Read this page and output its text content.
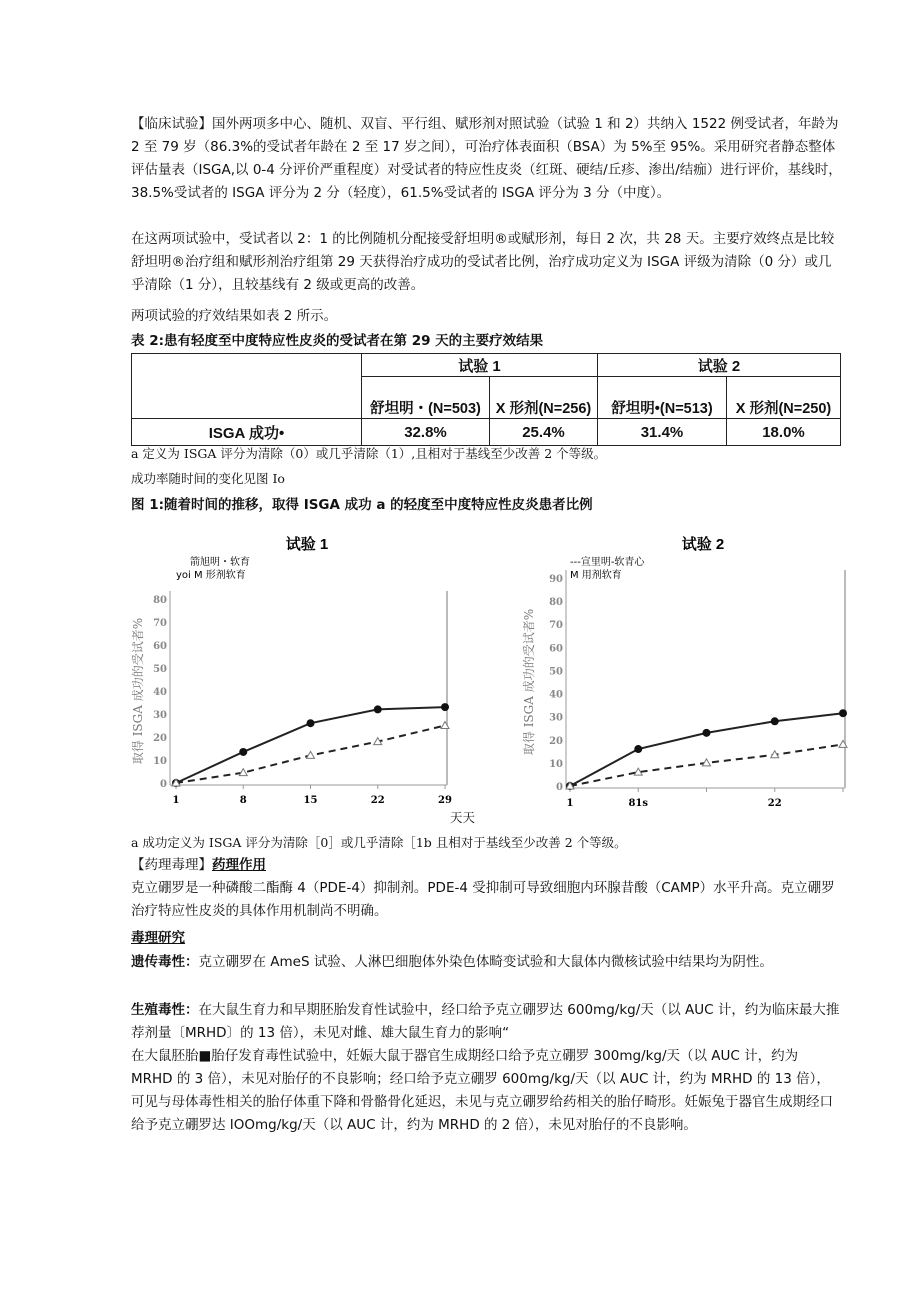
【临床试验】国外两项多中心、随机、双盲、平行组、赋形剂对照试验（试验 1 和 2）共纳入 1522 例受试者，年龄为 2 至 79 岁（86.3%的受试者年龄在 2 至 17 岁之间），可治疗体表面积（BSA）为 5%至 95%。采用研究者静态整体评估量表（ISGA,以 0-4 分评价严重程度）对受试者的特应性皮炎（红斑、硬结/丘疹、渗出/结痂）进行评价，基线时，38.5%受试者的 ISGA 评分为 2 分（轻度），61.5%受试者的 ISGA 评分为 3 分（中度）。

在这两项试验中，受试者以 2：1 的比例随机分配接受舒坦明®或赋形剂，每日 2 次，共 28 天。主要疗效终点是比较舒坦明®治疗组和赋形剂治疗组第 29 天获得治疗成功的受试者比例，治疗成功定义为 ISGA 评级为清除（0 分）或几乎清除（1 分），且较基线有 2 级或更高的改善。

两项试验的疗效结果如表 2 所示。

表 2:患有轻度至中度特应性皮炎的受试者在第 29 天的主要疗效结果

	试验 1		试验 2	
	舒坦明・(N=503)	X 形剂(N=256)	舒坦明•(N=513)	X 形剂(N=250)
ISGA 成功•	32.8%	25.4%	31.4%	18.0%

a 定义为 ISGA 评分为清除（0）或几乎清除（1）,且相对于基线至少改善 2 个等级。

成功率随时间的变化见图 Io

图 1:随着时间的推移，取得 ISGA 成功 a 的轻度至中度特应性皮炎患者比例

试验 1
箭旭明・软育
yoi M 形剂软育
0
10
20
30
40
50
60
70
80
1	8	15	22	29
取得 ISGA 成功的受试者%
试验 2
---宣里明-软青心
M 用剂软育
0
10
20
30
40
50
60
70
80
90
1	81s	22
取得 ISGA 成功的受试者%

天天

a 成功定义为 ISGA 评分为清除［0］或几乎清除［1b 且相对于基线至少改善 2 个等级。

【药理毒理】药理作用

克立硼罗是一种磷酸二酯酶 4（PDE-4）抑制剂。PDE-4 受抑制可导致细胞内环腺昔酸（CAMP）水平升高。克立硼罗治疗特应性皮炎的具体作用机制尚不明确。

毒理研究

遗传毒性：克立硼罗在 AmeS 试验、人淋巴细胞体外染色体畸变试验和大鼠体内微核试验中结果均为阴性。

生殖毒性：在大鼠生育力和早期胚胎发育性试验中，经口给予克立硼罗达 600mg/kg/天（以 AUC 计，约为临床最大推荐剂量〔MRHD〕的 13 倍），未见对雌、雄大鼠生育力的影响“

在大鼠胚胎■胎仔发育毒性试验中，妊娠大鼠于器官生成期经口给予克立硼罗 300mg/kg/天（以 AUC 计，约为 MRHD 的 3 倍），未见对胎仔的不良影响；经口给予克立硼罗 600mg/kg/天（以 AUC 计，约为 MRHD 的 13 倍），可见与母体毒性相关的胎仔体重下降和骨骼骨化延迟，未见与克立硼罗给药相关的胎仔畸形。妊娠兔于器官生成期经口给予克立硼罗达 IOOmg/kg/天（以 AUC 计，约为 MRHD 的 2 倍），未见对胎仔的不良影响。
